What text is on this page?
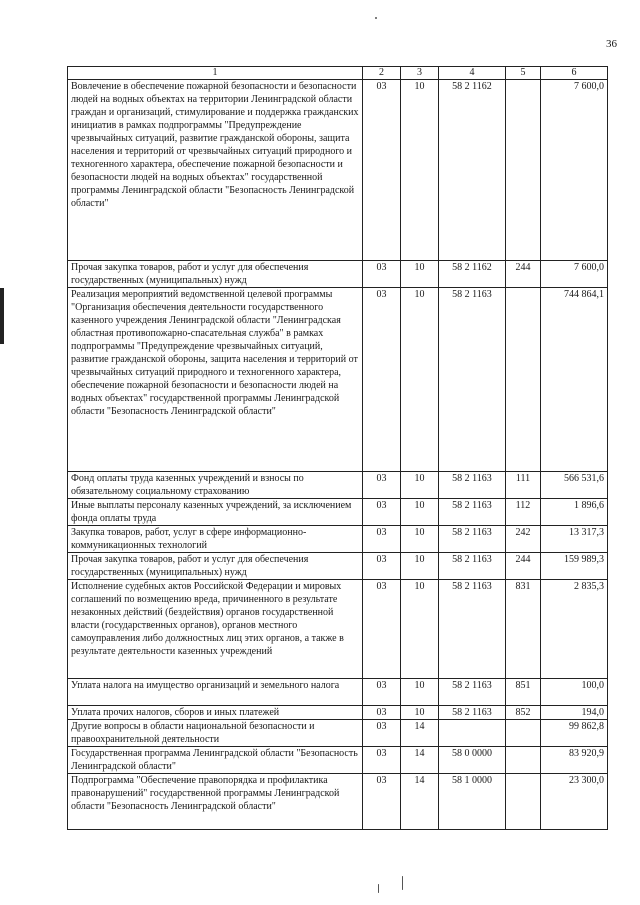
36
1	2	3	4	5	6
Вовлечение в обеспечение пожарной безопасности и безопасности людей на водных объектах на территории Ленинградской области граждан и организаций, стимулирование и поддержка гражданских инициатив в рамках подпрограммы "Предупреждение чрезвычайных ситуаций, развитие гражданской обороны, защита населения и территорий от чрезвычайных ситуаций природного и техногенного характера, обеспечение пожарной безопасности и безопасности людей на водных объектах" государственной программы Ленинградской области "Безопасность Ленинградской области"	03	10	58 2 1162		7 600,0
Прочая закупка товаров, работ и услуг для обеспечения государственных (муниципальных) нужд	03	10	58 2 1162	244	7 600,0
Реализация мероприятий ведомственной целевой программы "Организация обеспечения деятельности государственного казенного учреждения Ленинградской области "Ленинградская областная противопожарно-спасательная служба" в рамках подпрограммы "Предупреждение чрезвычайных ситуаций, развитие гражданской обороны, защита населения и территорий от чрезвычайных ситуаций природного и техногенного характера, обеспечение пожарной безопасности и безопасности людей на водных объектах" государственной программы Ленинградской области "Безопасность Ленинградской области"	03	10	58 2 1163		744 864,1
Фонд оплаты труда казенных учреждений и взносы по обязательному социальному страхованию	03	10	58 2 1163	111	566 531,6
Иные выплаты персоналу казенных учреждений, за исключением фонда оплаты труда	03	10	58 2 1163	112	1 896,6
Закупка товаров, работ, услуг в сфере информационно-коммуникационных технологий	03	10	58 2 1163	242	13 317,3
Прочая закупка товаров, работ и услуг для обеспечения государственных (муниципальных) нужд	03	10	58 2 1163	244	159 989,3
Исполнение судебных актов Российской Федерации и мировых соглашений по возмещению вреда, причиненного в результате незаконных действий (бездействия) органов государственной власти (государственных органов), органов местного самоуправления либо должностных лиц этих органов, а также в результате деятельности казенных учреждений	03	10	58 2 1163	831	2 835,3
Уплата налога на имущество организаций и земельного налога	03	10	58 2 1163	851	100,0
Уплата прочих налогов, сборов и иных платежей	03	10	58 2 1163	852	194,0
Другие вопросы в области национальной безопасности и правоохранительной деятельности	03	14			99 862,8
Государственная программа Ленинградской области "Безопасность Ленинградской области"	03	14	58 0 0000		83 920,9
Подпрограмма "Обеспечение правопорядка и профилактика правонарушений" государственной программы Ленинградской области "Безопасность Ленинградской области"	03	14	58 1 0000		23 300,0
